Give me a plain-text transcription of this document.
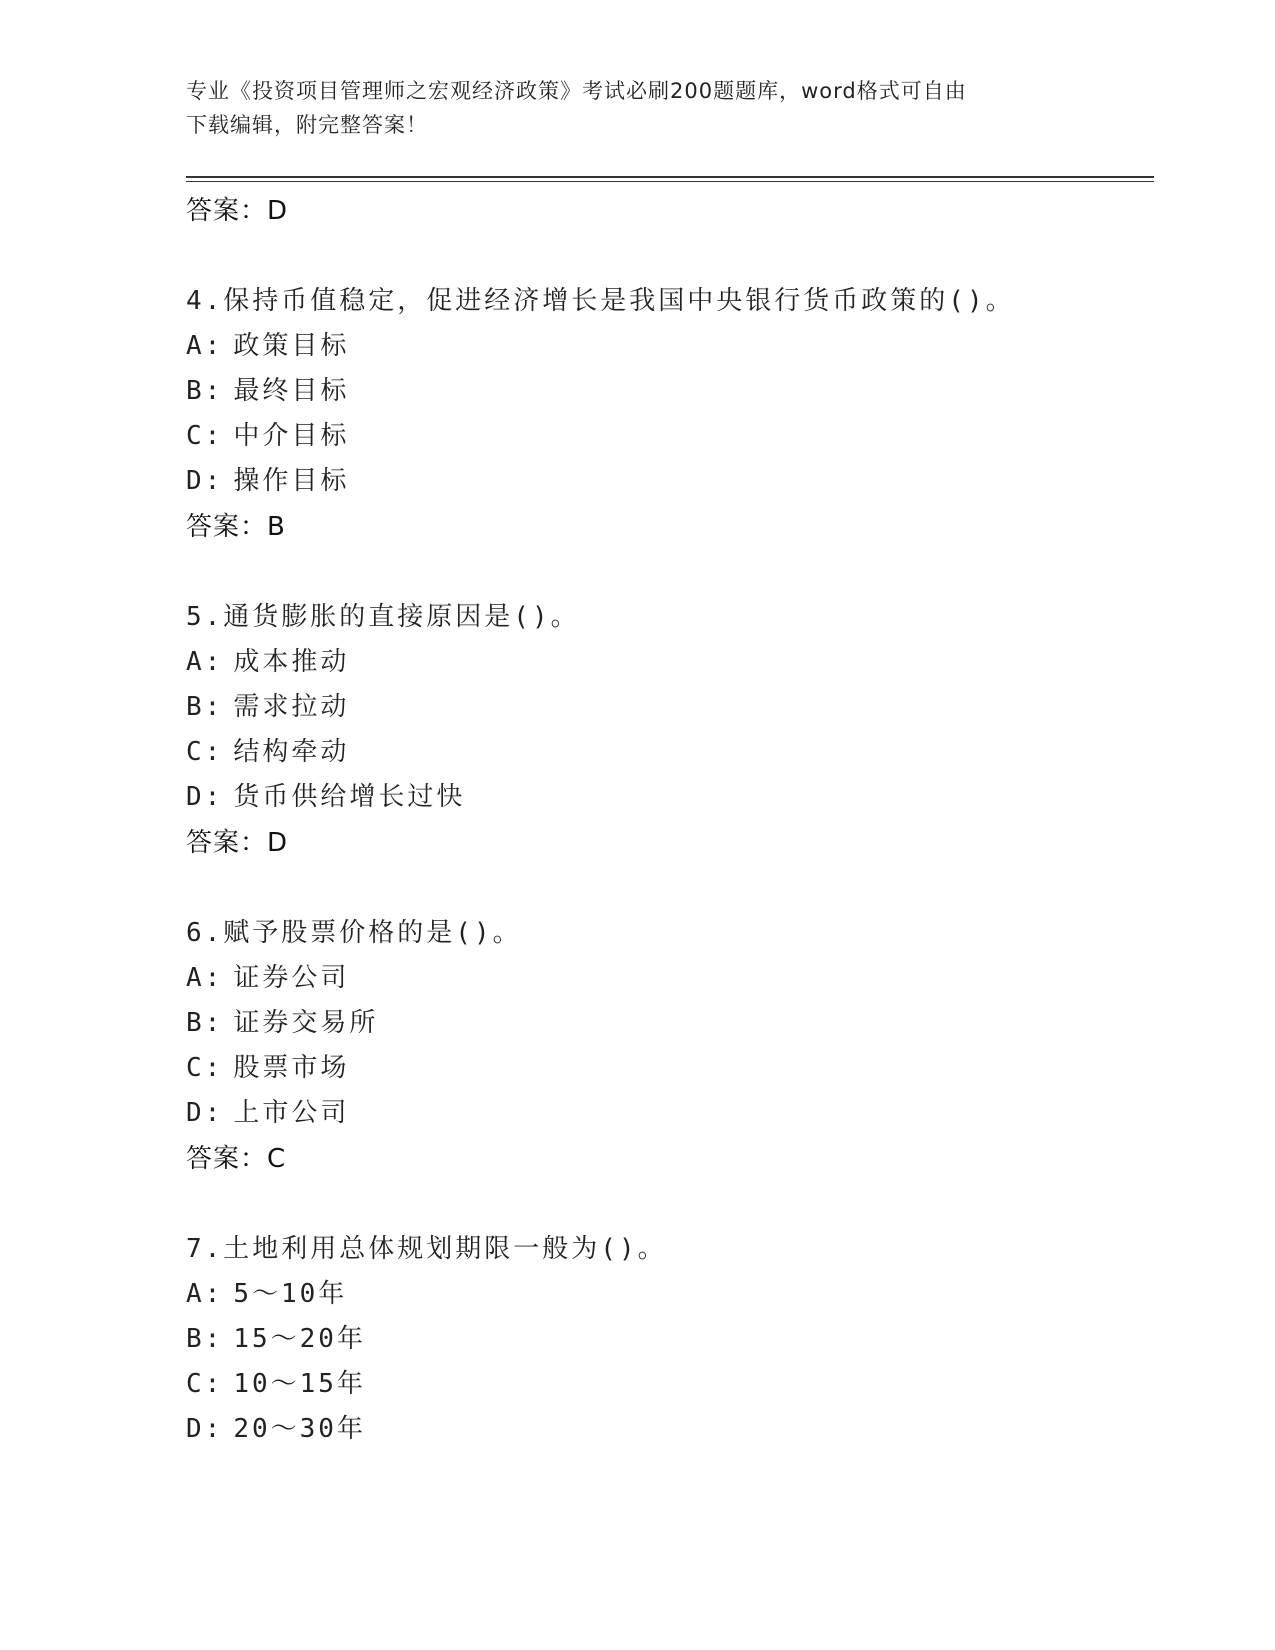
专业《投资项目管理师之宏观经济政策》考试必刷200题题库，word格式可自由
下载编辑，附完整答案！
答案：D
4.保持币值稳定，促进经济增长是我国中央银行货币政策的()。
A: 政策目标
B: 最终目标
C: 中介目标
D: 操作目标
答案：B
5.通货膨胀的直接原因是()。
A: 成本推动
B: 需求拉动
C: 结构牵动
D: 货币供给增长过快
答案：D
6.赋予股票价格的是()。
A: 证券公司
B: 证券交易所
C: 股票市场
D: 上市公司
答案：C
7.土地利用总体规划期限一般为()。
A: 5～10年
B: 15～20年
C: 10～15年
D: 20～30年
